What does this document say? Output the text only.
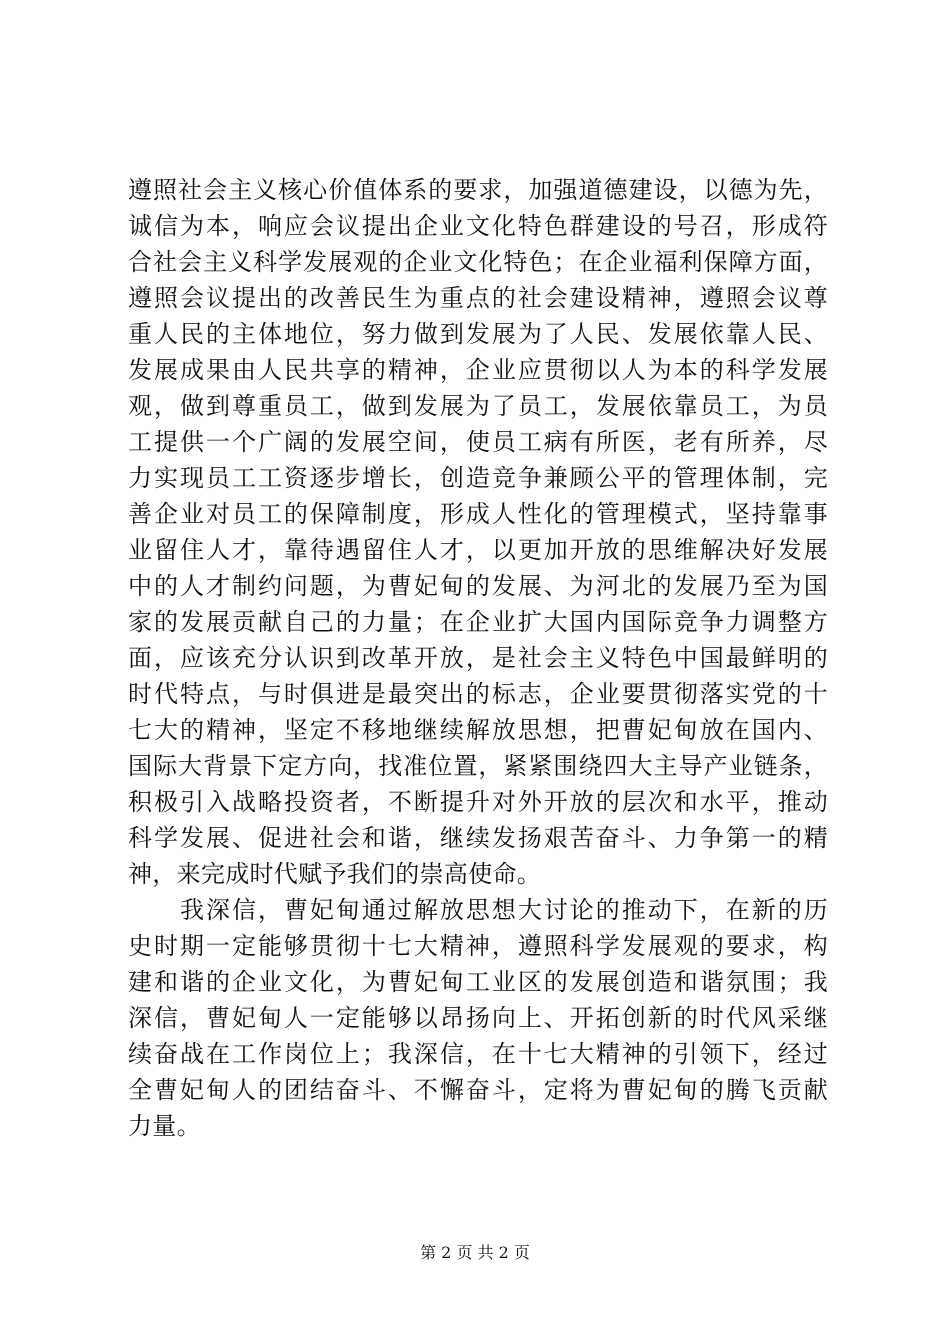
遵照社会主义核心价值体系的要求，加强道德建设，以德为先，
诚信为本，响应会议提出企业文化特色群建设的号召，形成符
合社会主义科学发展观的企业文化特色；在企业福利保障方面，
遵照会议提出的改善民生为重点的社会建设精神，遵照会议尊
重人民的主体地位，努力做到发展为了人民、发展依靠人民、
发展成果由人民共享的精神，企业应贯彻以人为本的科学发展
观，做到尊重员工，做到发展为了员工，发展依靠员工，为员
工提供一个广阔的发展空间，使员工病有所医，老有所养，尽
力实现员工工资逐步增长，创造竞争兼顾公平的管理体制，完
善企业对员工的保障制度，形成人性化的管理模式，坚持靠事
业留住人才，靠待遇留住人才，以更加开放的思维解决好发展
中的人才制约问题，为曹妃甸的发展、为河北的发展乃至为国
家的发展贡献自己的力量；在企业扩大国内国际竞争力调整方
面，应该充分认识到改革开放，是社会主义特色中国最鲜明的
时代特点，与时俱进是最突出的标志，企业要贯彻落实党的十
七大的精神，坚定不移地继续解放思想，把曹妃甸放在国内、
国际大背景下定方向，找准位置，紧紧围绕四大主导产业链条，
积极引入战略投资者，不断提升对外开放的层次和水平，推动
科学发展、促进社会和谐，继续发扬艰苦奋斗、力争第一的精
神，来完成时代赋予我们的崇高使命。
我深信，曹妃甸通过解放思想大讨论的推动下，在新的历
史时期一定能够贯彻十七大精神，遵照科学发展观的要求，构
建和谐的企业文化，为曹妃甸工业区的发展创造和谐氛围；我
深信，曹妃甸人一定能够以昂扬向上、开拓创新的时代风采继
续奋战在工作岗位上；我深信，在十七大精神的引领下，经过
全曹妃甸人的团结奋斗、不懈奋斗，定将为曹妃甸的腾飞贡献
力量。
第 2 页 共 2 页
